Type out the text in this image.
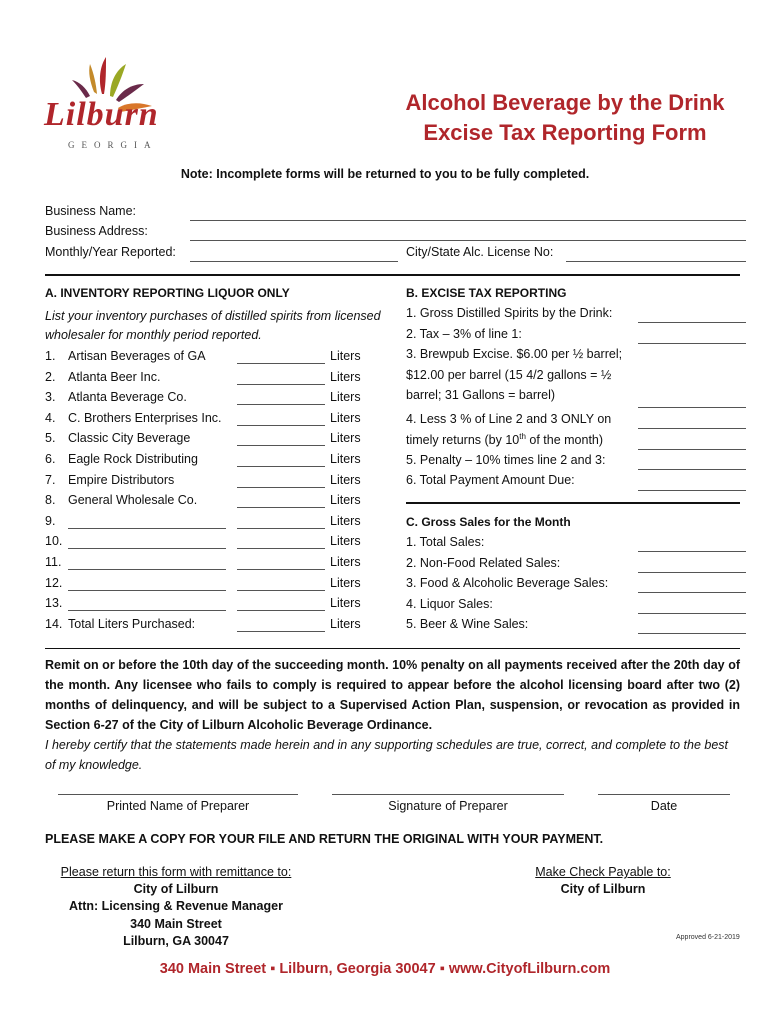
Lilburn
GEORGIA
Alcohol Beverage by the Drink
Excise Tax Reporting Form
Note: Incomplete forms will be returned to you to be fully completed.
Business Name:
Business Address:
Monthly/Year Reported:	City/State Alc. License No:
A. INVENTORY REPORTING LIQUOR ONLY
List your inventory purchases of distilled spirits from licensed wholesaler for monthly period reported.
1. Artisan Beverages of GA	Liters
2. Atlanta Beer Inc.	Liters
3. Atlanta Beverage Co.	Liters
4. C. Brothers Enterprises Inc.	Liters
5. Classic City Beverage	Liters
6. Eagle Rock Distributing	Liters
7. Empire Distributors	Liters
8. General Wholesale Co.	Liters
9.	Liters
10.	Liters
11.	Liters
12.	Liters
13.	Liters
14. Total Liters Purchased:	Liters
B. EXCISE TAX REPORTING
1. Gross Distilled Spirits by the Drink:
2. Tax – 3% of line 1:
3. Brewpub Excise. $6.00 per ½ barrel;
$12.00 per barrel (15 4/2 gallons = ½
barrel; 31 Gallons = barrel)
4. Less 3 % of Line 2 and 3 ONLY on
timely returns (by 10th of the month)
5. Penalty – 10% times line 2 and 3:
6. Total Payment Amount Due:
C. Gross Sales for the Month
1. Total Sales:
2. Non-Food Related Sales:
3. Food & Alcoholic Beverage Sales:
4. Liquor Sales:
5. Beer & Wine Sales:
Remit on or before the 10th day of the succeeding month. 10% penalty on all payments received after the 20th day of the month. Any licensee who fails to comply is required to appear before the alcohol licensing board after two (2) months of delinquency, and will be subject to a Supervised Action Plan, suspension, or revocation as provided in Section 6-27 of the City of Lilburn Alcoholic Beverage Ordinance.
I hereby certify that the statements made herein and in any supporting schedules are true, correct, and complete to the best of my knowledge.
Printed Name of Preparer	Signature of Preparer	Date
PLEASE MAKE A COPY FOR YOUR FILE AND RETURN THE ORIGINAL WITH YOUR PAYMENT.
Please return this form with remittance to:
City of Lilburn
Attn: Licensing & Revenue Manager
340 Main Street
Lilburn, GA 30047
Make Check Payable to:
City of Lilburn
Approved 6-21-2019
340 Main Street ▪ Lilburn, Georgia 30047 ▪ www.CityofLilburn.com
